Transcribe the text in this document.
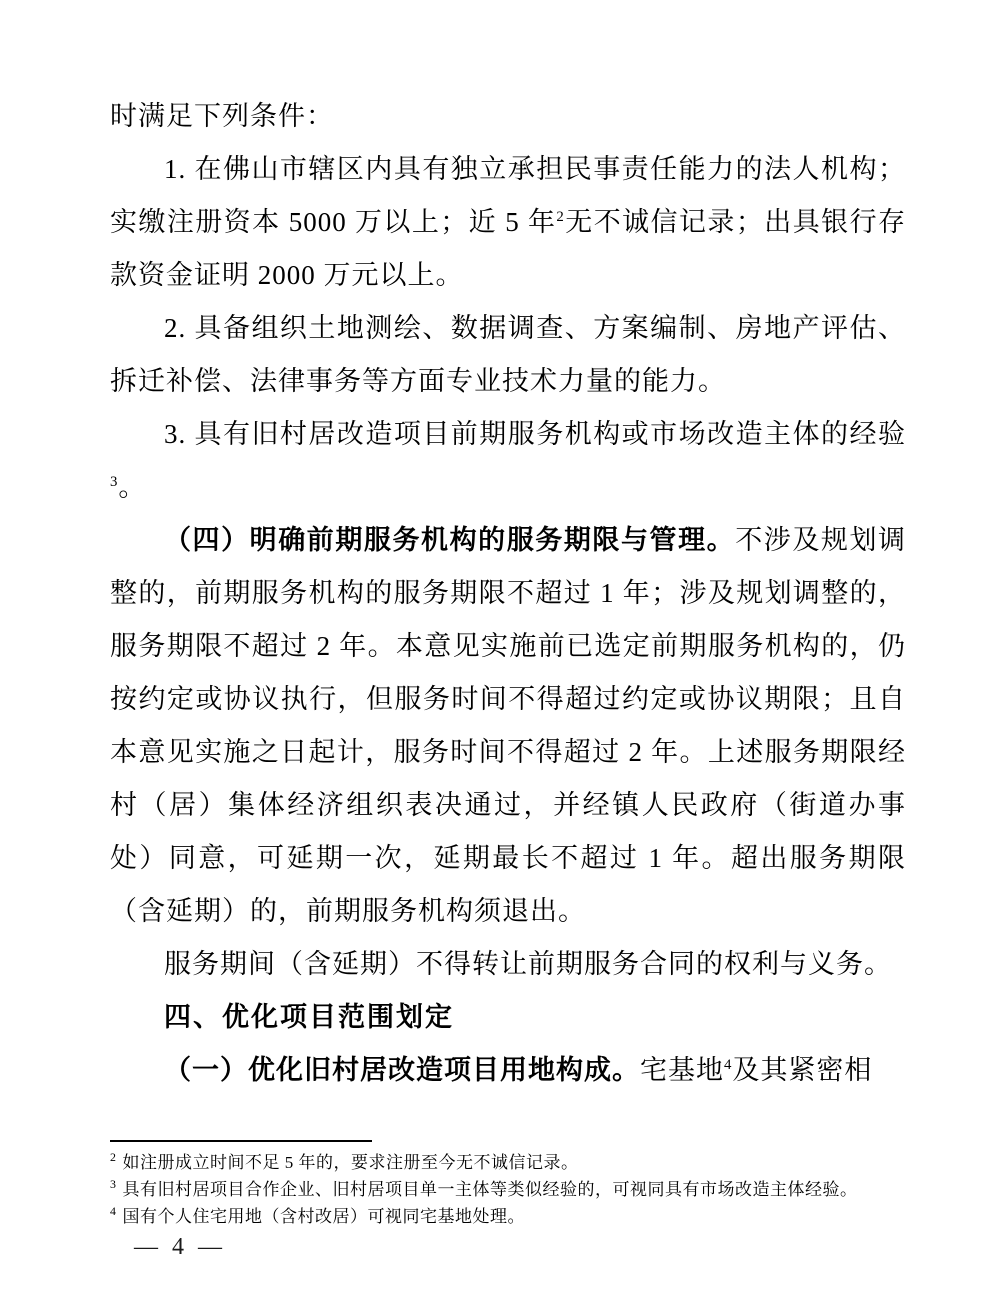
时满足下列条件：

1. 在佛山市辖区内具有独立承担民事责任能力的法人机构；实缴注册资本 5000 万以上；近 5 年$^2$无不诚信记录；出具银行存款资金证明 2000 万元以上。

2. 具备组织土地测绘、数据调查、方案编制、房地产评估、拆迁补偿、法律事务等方面专业技术力量的能力。

3. 具有旧村居改造项目前期服务机构或市场改造主体的经验$^3$。

（四）明确前期服务机构的服务期限与管理。不涉及规划调整的，前期服务机构的服务期限不超过 1 年；涉及规划调整的，服务期限不超过 2 年。本意见实施前已选定前期服务机构的，仍按约定或协议执行，但服务时间不得超过约定或协议期限；且自本意见实施之日起计，服务时间不得超过 2 年。上述服务期限经村（居）集体经济组织表决通过，并经镇人民政府（街道办事处）同意，可延期一次，延期最长不超过 1 年。超出服务期限（含延期）的，前期服务机构须退出。

服务期间（含延期）不得转让前期服务合同的权利与义务。

四、优化项目范围划定

（一）优化旧村居改造项目用地构成。宅基地$^4$及其紧密相

$^2$ 如注册成立时间不足 5 年的，要求注册至今无不诚信记录。
$^3$ 具有旧村居项目合作企业、旧村居项目单一主体等类似经验的，可视同具有市场改造主体经验。
$^4$ 国有个人住宅用地（含村改居）可视同宅基地处理。
— 4 —
